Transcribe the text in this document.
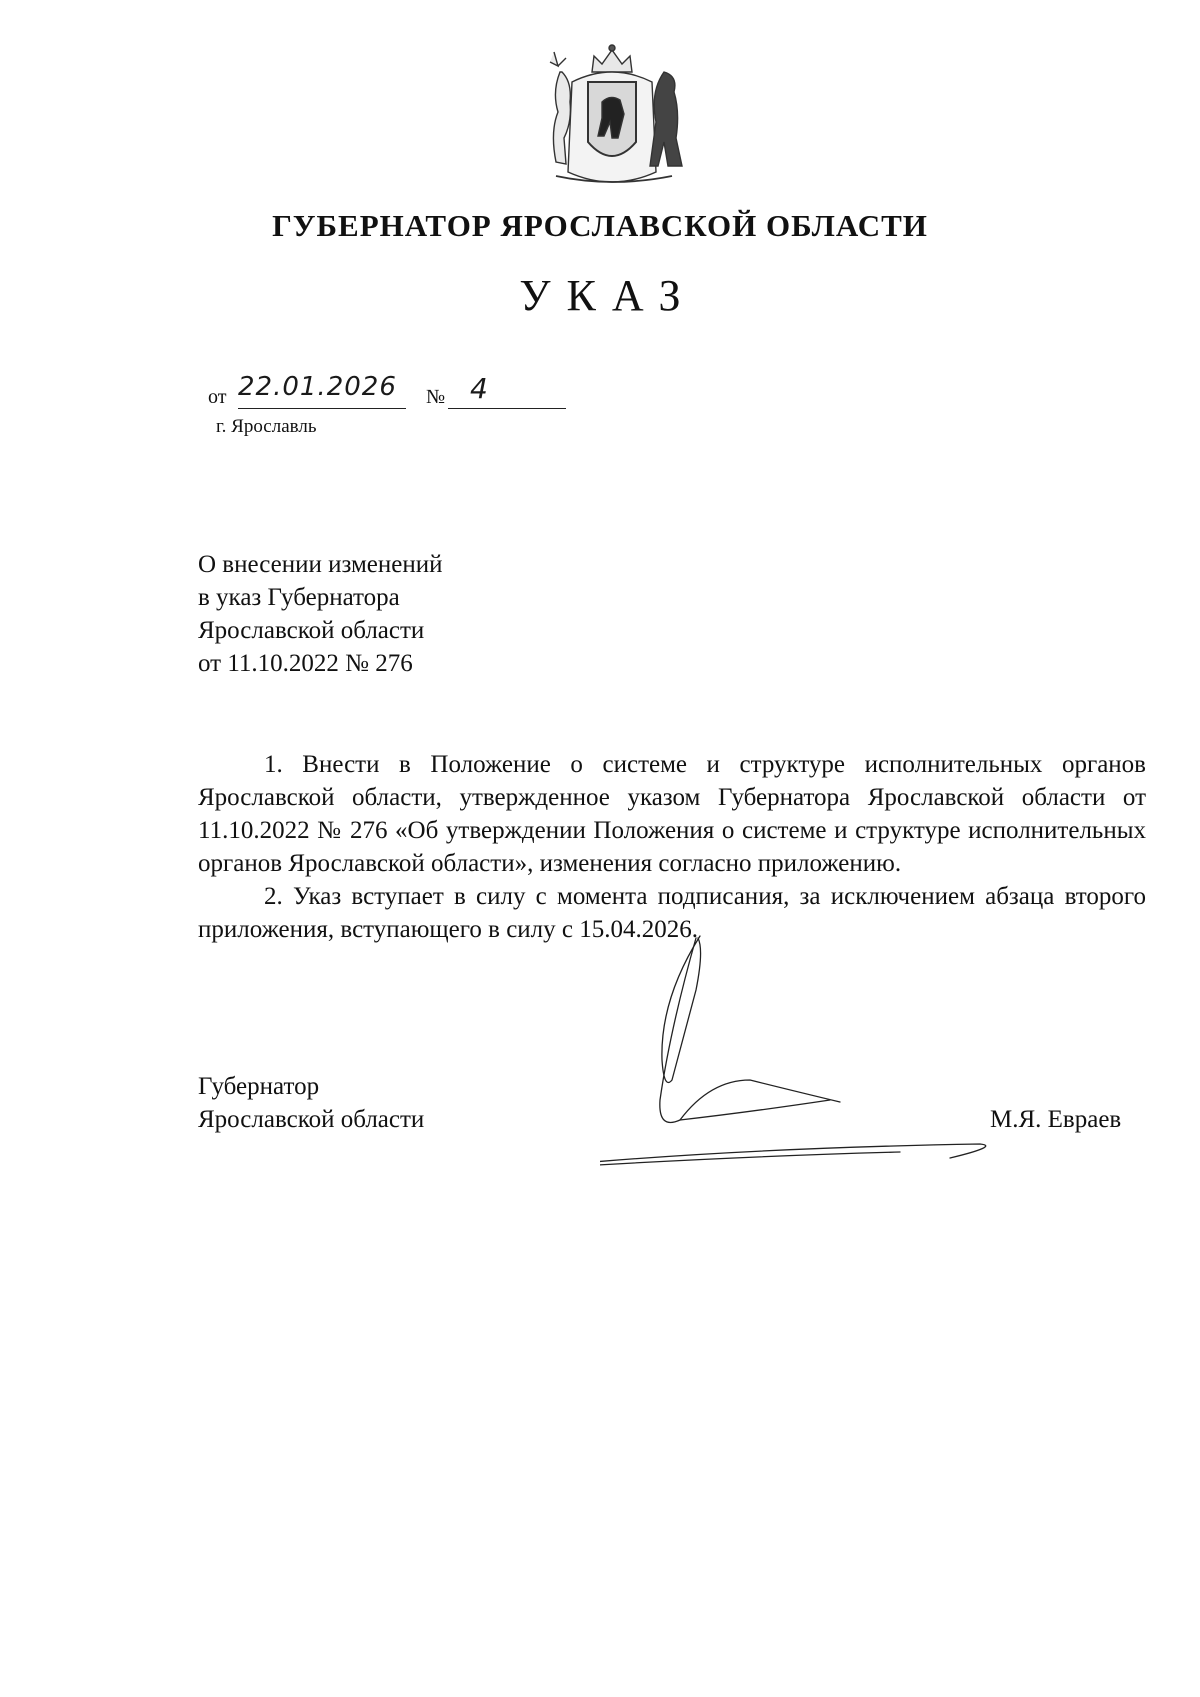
ГУБЕРНАТОР ЯРОСЛАВСКОЙ ОБЛАСТИ
УКАЗ
от 22.01.2026 № 4
г. Ярославль
О внесении изменений
в указ Губернатора
Ярославской области
от 11.10.2022 № 276

1. Внести в Положение о системе и структуре исполнительных органов Ярославской области, утвержденное указом Губернатора Ярославской области от 11.10.2022 № 276 «Об утверждении Положения о системе и структуре исполнительных органов Ярославской области», изменения согласно приложению.

2. Указ вступает в силу с момента подписания, за исключением абзаца второго приложения, вступающего в силу с 15.04.2026.

Губернатор
Ярославской области	М.Я. Евраев
